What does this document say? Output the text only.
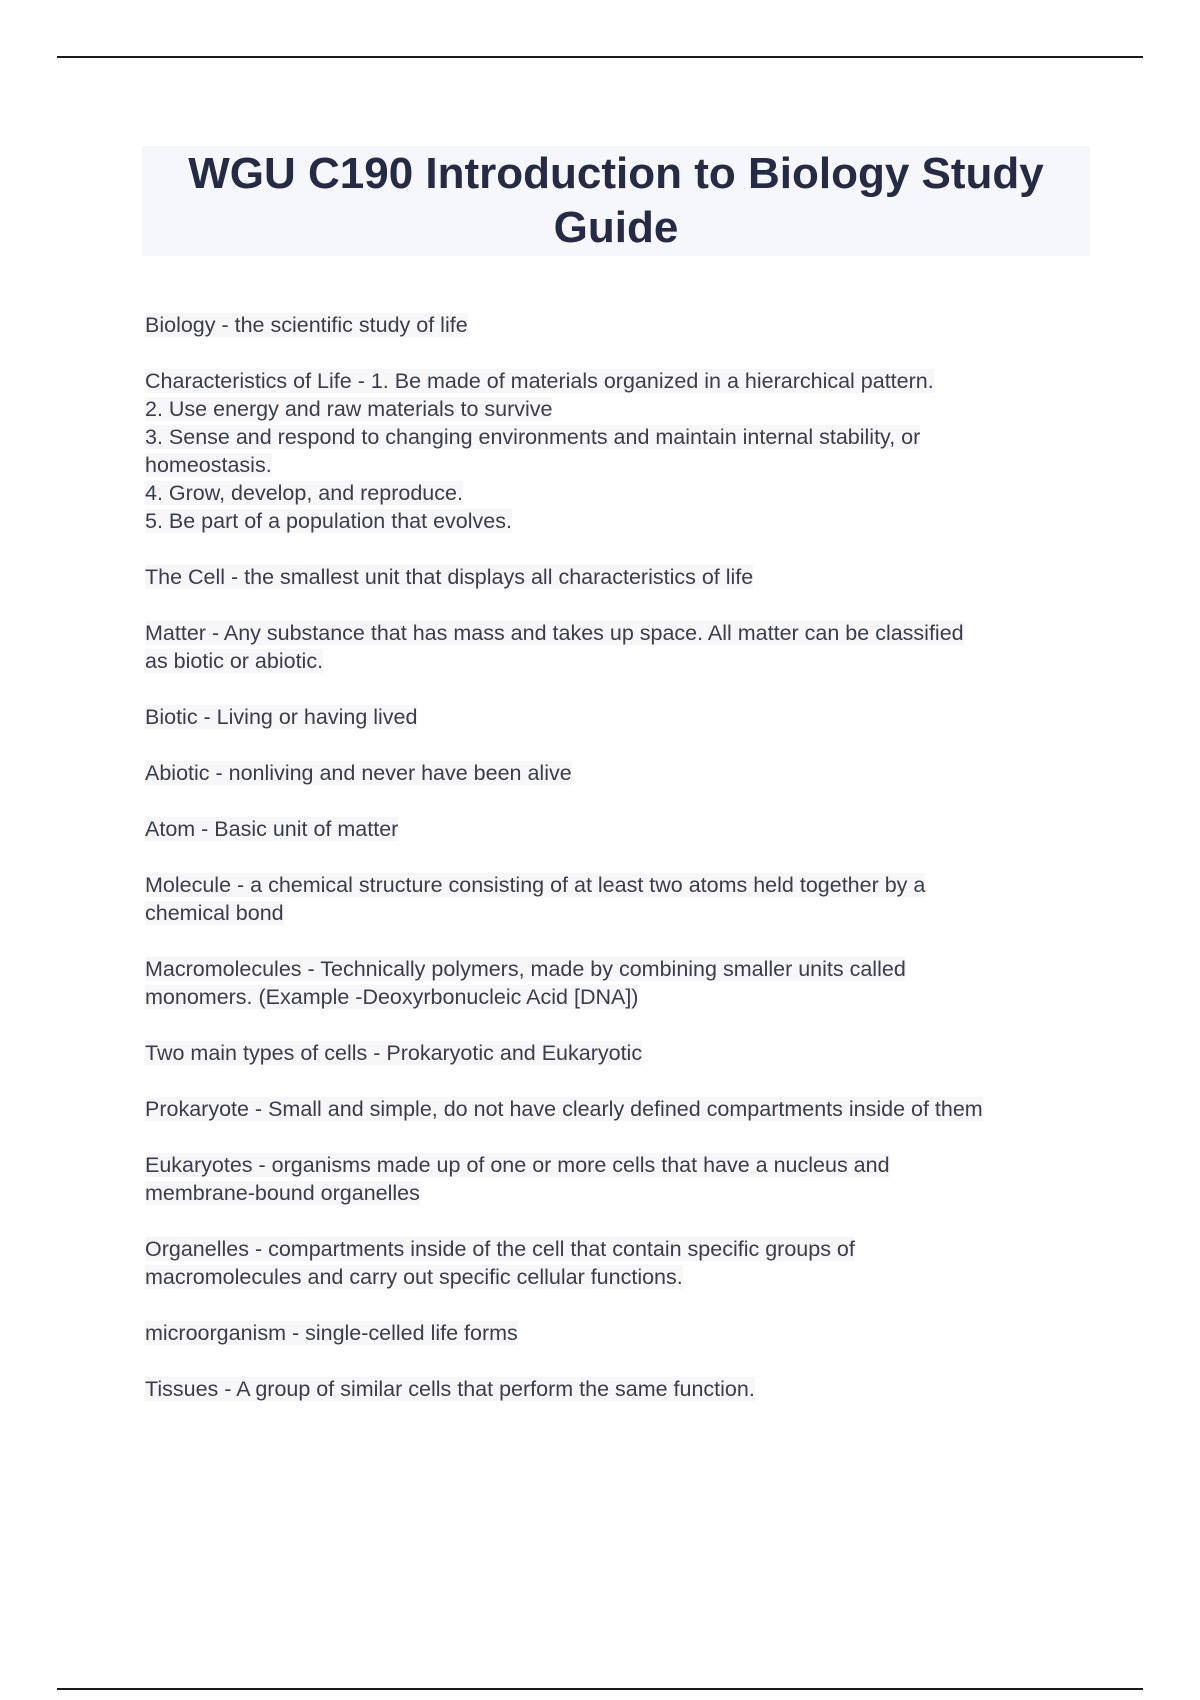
WGU C190 Introduction to Biology Study Guide

Biology - the scientific study of life

Characteristics of Life - 1. Be made of materials organized in a hierarchical pattern.
2. Use energy and raw materials to survive
3. Sense and respond to changing environments and maintain internal stability, or
homeostasis.
4. Grow, develop, and reproduce.
5. Be part of a population that evolves.

The Cell - the smallest unit that displays all characteristics of life

Matter - Any substance that has mass and takes up space. All matter can be classified
as biotic or abiotic.

Biotic - Living or having lived

Abiotic - nonliving and never have been alive

Atom - Basic unit of matter

Molecule - a chemical structure consisting of at least two atoms held together by a
chemical bond

Macromolecules - Technically polymers, made by combining smaller units called
monomers. (Example -Deoxyrbonucleic Acid [DNA])

Two main types of cells - Prokaryotic and Eukaryotic

Prokaryote - Small and simple, do not have clearly defined compartments inside of them

Eukaryotes - organisms made up of one or more cells that have a nucleus and
membrane-bound organelles

Organelles - compartments inside of the cell that contain specific groups of
macromolecules and carry out specific cellular functions.

microorganism - single-celled life forms

Tissues - A group of similar cells that perform the same function.
